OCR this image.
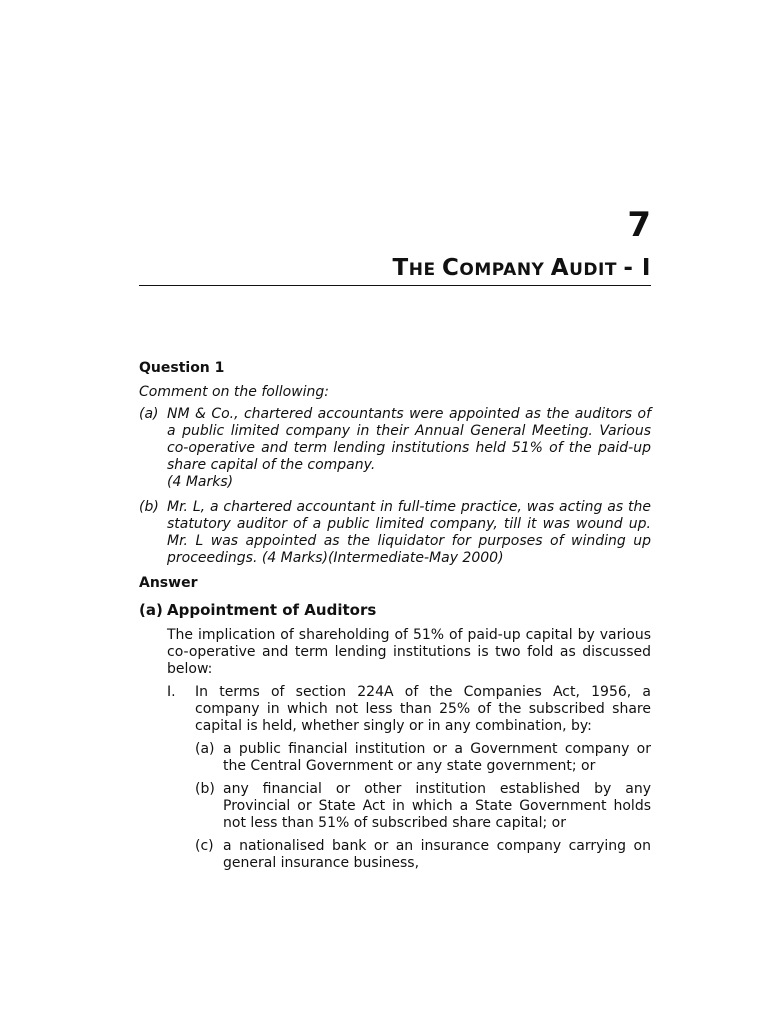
7
THE COMPANY AUDIT - I
Question 1
Comment on the following:
(a) NM & Co., chartered accountants were appointed as the auditors of a public limited company in their Annual General Meeting. Various co-operative and term lending institutions held 51% of the paid-up share capital of the company.
(4 Marks)
(b) Mr. L, a chartered accountant in full-time practice, was acting as the statutory auditor of a public limited company, till it was wound up. Mr. L was appointed as the liquidator for purposes of winding up proceedings. (4 Marks)(Intermediate-May 2000)
Answer
(a) Appointment of Auditors
The implication of shareholding of 51% of paid-up capital by various co-operative and term lending institutions is two fold as discussed below:
I.	In terms of section 224A of the Companies Act, 1956, a company in which not less than 25% of the subscribed share capital is held, whether singly or in any combination, by:
(a) a public financial institution or a Government company or the Central Government or any state government; or
(b) any financial or other institution established by any Provincial or State Act in which a State Government holds not less than 51% of subscribed share capital; or
(c) a nationalised bank or an insurance company carrying on general insurance business,
